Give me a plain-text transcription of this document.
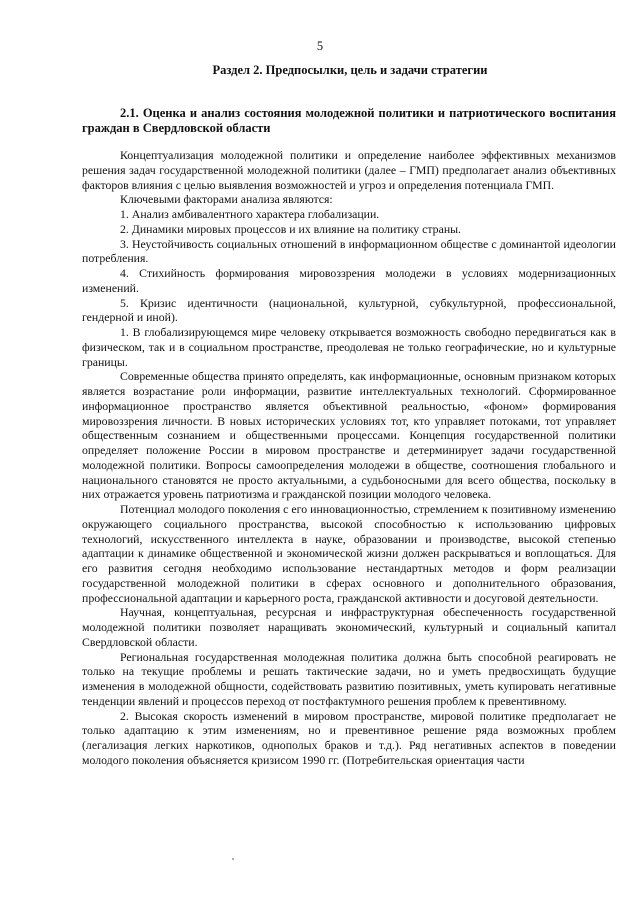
5
Раздел 2. Предпосылки, цель и задачи стратегии
2.1. Оценка и анализ состояния молодежной политики и патриотического воспитания граждан в Свердловской области

Концептуализация молодежной политики и определение наиболее эффективных механизмов решения задач государственной молодежной политики (далее – ГМП) предполагает анализ объективных факторов влияния с целью выявления возможностей и угроз и определения потенциала ГМП.

Ключевыми факторами анализа являются:

1. Анализ амбивалентного характера глобализации.

2. Динамики мировых процессов и их влияние на политику страны.

3. Неустойчивость социальных отношений в информационном обществе с доминантой идеологии потребления.

4. Стихийность формирования мировоззрения молодежи в условиях модернизационных изменений.

5. Кризис идентичности (национальной, культурной, субкультурной, профессиональной, гендерной и иной).

1. В глобализирующемся мире человеку открывается возможность свободно передвигаться как в физическом, так и в социальном пространстве, преодолевая не только географические, но и культурные границы.

Современные общества принято определять, как информационные, основным признаком которых является возрастание роли информации, развитие интеллектуальных технологий. Сформированное информационное пространство является объективной реальностью, «фоном» формирования мировоззрения личности. В новых исторических условиях тот, кто управляет потоками, тот управляет общественным сознанием и общественными процессами. Концепция государственной политики определяет положение России в мировом пространстве и детерминирует задачи государственной молодежной политики. Вопросы самоопределения молодежи в обществе, соотношения глобального и национального становятся не просто актуальными, а судьбоносными для всего общества, поскольку в них отражается уровень патриотизма и гражданской позиции молодого человека.

Потенциал молодого поколения с его инновационностью, стремлением к позитивному изменению окружающего социального пространства, высокой способностью к использованию цифровых технологий, искусственного интеллекта в науке, образовании и производстве, высокой степенью адаптации к динамике общественной и экономической жизни должен раскрываться и воплощаться. Для его развития сегодня необходимо использование нестандартных методов и форм реализации государственной молодежной политики в сферах основного и дополнительного образования, профессиональной адаптации и карьерного роста, гражданской активности и досуговой деятельности.

Научная, концептуальная, ресурсная и инфраструктурная обеспеченность государственной молодежной политики позволяет наращивать экономический, культурный и социальный капитал Свердловской области.

Региональная государственная молодежная политика должна быть способной реагировать не только на текущие проблемы и решать тактические задачи, но и уметь предвосхищать будущие изменения в молодежной общности, содействовать развитию позитивных, уметь купировать негативные тенденции явлений и процессов переход от постфактумного решения проблем к превентивному.

2. Высокая скорость изменений в мировом пространстве, мировой политике предполагает не только адаптацию к этим изменениям, но и превентивное решение ряда возможных проблем (легализация легких наркотиков, однополых браков и т.д.). Ряд негативных аспектов в поведении молодого поколения объясняется кризисом 1990 гг. (Потребительская ориентация части
